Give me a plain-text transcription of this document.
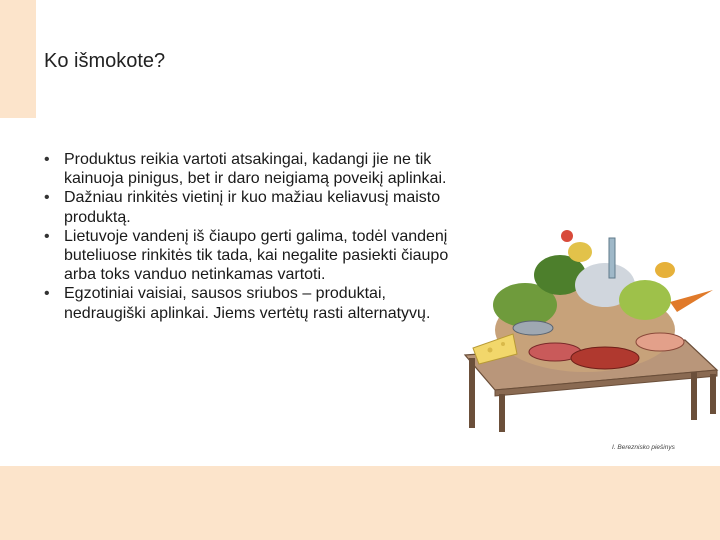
Ko išmokote?
• Produktus reikia vartoti atsakingai, kadangi jie ne tik kainuoja pinigus, bet ir daro neigiamą poveikį aplinkai.
• Dažniau rinkitės vietinį ir kuo mažiau keliavusį maisto produktą.
• Lietuvoje vandenį iš čiaupo gerti galima, todėl vandenį buteliuose rinkitės tik tada, kai negalite pasiekti čiaupo arba toks vanduo netinkamas vartoti.
• Egzotiniai vaisiai, sausos sriubos – produktai, nedraugiški aplinkai. Jiems vertėtų rasti alternatyvų.
I. Bereznisko piešinys
